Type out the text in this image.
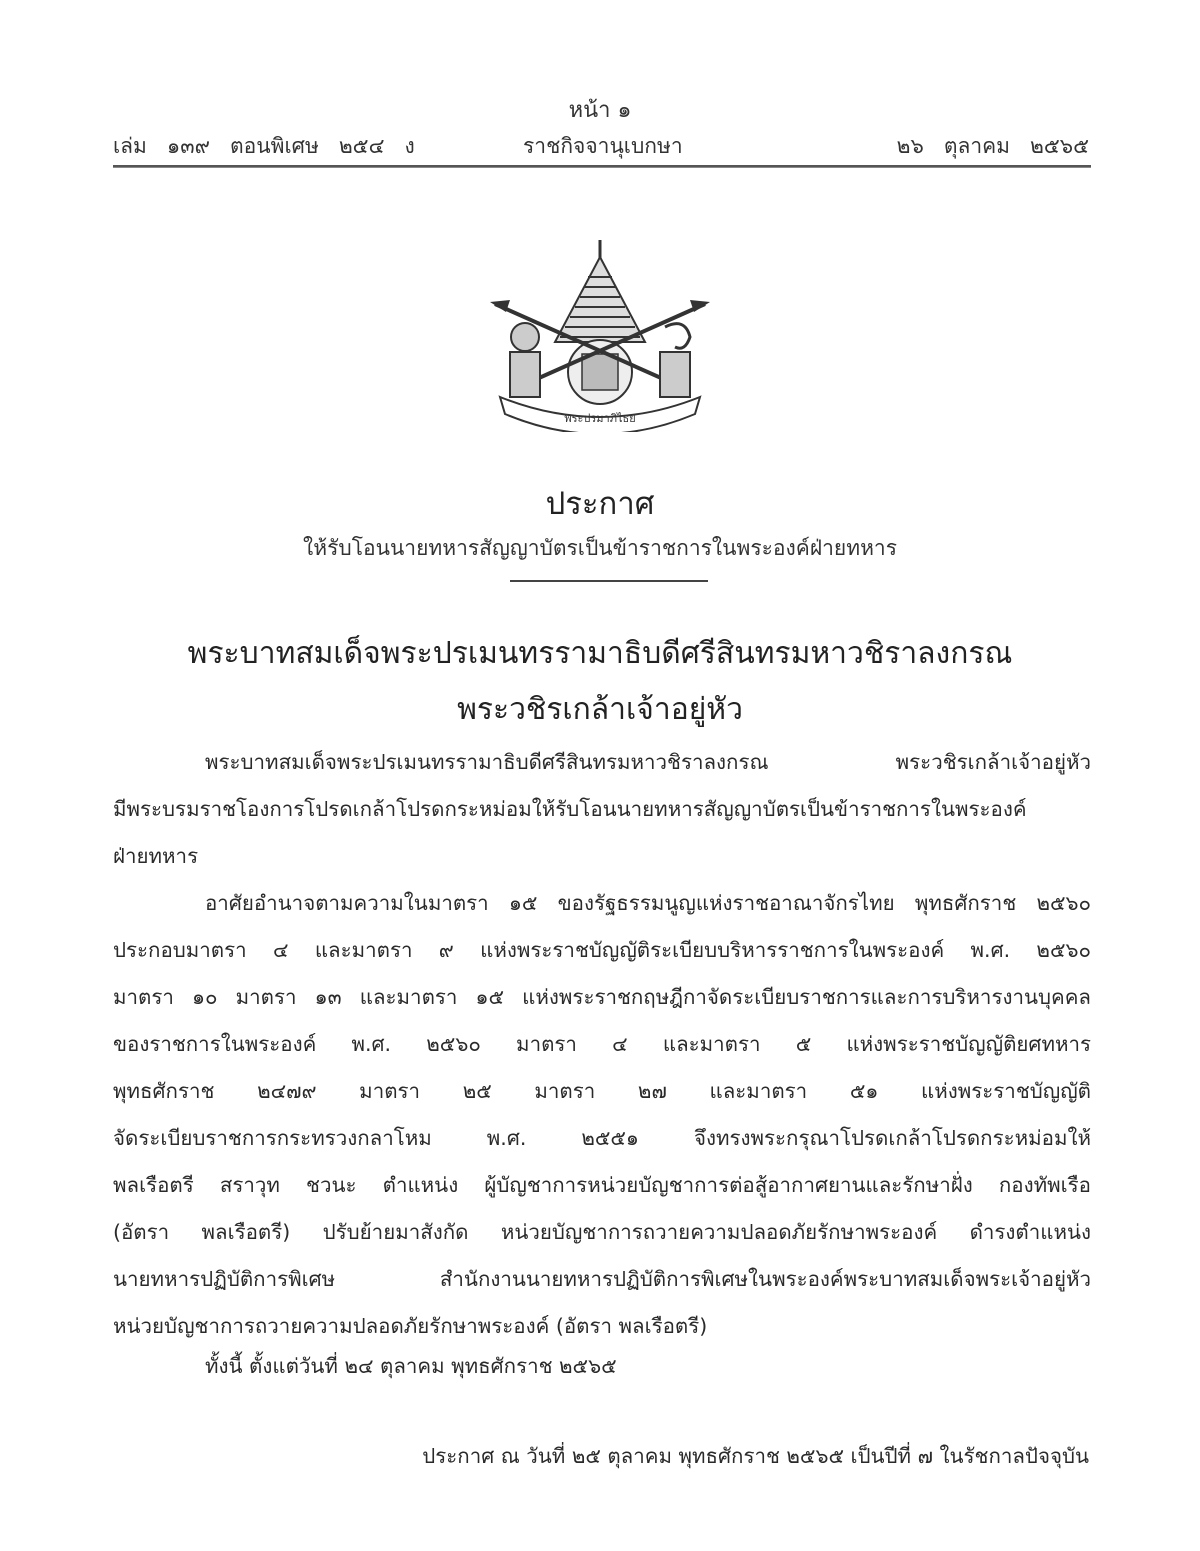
หน้า ๑
เล่ม   ๑๓๙   ตอนพิเศษ   ๒๕๔   ง	ราชกิจจานุเบกษา	๒๖   ตุลาคม   ๒๕๖๕
พระปรมาภิไธย
ประกาศ
ให้รับโอนนายทหารสัญญาบัตรเป็นข้าราชการในพระองค์ฝ่ายทหาร
พระบาทสมเด็จพระปรเมนทรรามาธิบดีศรีสินทรมหาวชิราลงกรณ
พระวชิรเกล้าเจ้าอยู่หัว
พระบาทสมเด็จพระปรเมนทรรามาธิบดีศรีสินทรมหาวชิราลงกรณ พระวชิรเกล้าเจ้าอยู่หัว
มีพระบรมราชโองการโปรดเกล้าโปรดกระหม่อมให้รับโอนนายทหารสัญญาบัตรเป็นข้าราชการในพระองค์
ฝ่ายทหาร
อาศัยอำนาจตามความในมาตรา ๑๕ ของรัฐธรรมนูญแห่งราชอาณาจักรไทย พุทธศักราช ๒๕๖๐
ประกอบมาตรา ๔ และมาตรา ๙ แห่งพระราชบัญญัติระเบียบบริหารราชการในพระองค์ พ.ศ. ๒๕๖๐
มาตรา ๑๐ มาตรา ๑๓ และมาตรา ๑๕ แห่งพระราชกฤษฎีกาจัดระเบียบราชการและการบริหารงานบุคคล
ของราชการในพระองค์ พ.ศ. ๒๕๖๐ มาตรา ๔ และมาตรา ๕ แห่งพระราชบัญญัติยศทหาร
พุทธศักราช ๒๔๗๙ มาตรา ๒๕ มาตรา ๒๗ และมาตรา ๕๑ แห่งพระราชบัญญัติ
จัดระเบียบราชการกระทรวงกลาโหม พ.ศ. ๒๕๕๑ จึงทรงพระกรุณาโปรดเกล้าโปรดกระหม่อมให้
พลเรือตรี สราวุท ชวนะ ตำแหน่ง ผู้บัญชาการหน่วยบัญชาการต่อสู้อากาศยานและรักษาฝั่ง กองทัพเรือ
(อัตรา พลเรือตรี) ปรับย้ายมาสังกัด หน่วยบัญชาการถวายความปลอดภัยรักษาพระองค์ ดำรงตำแหน่ง
นายทหารปฏิบัติการพิเศษ สำนักงานนายทหารปฏิบัติการพิเศษในพระองค์พระบาทสมเด็จพระเจ้าอยู่หัว
หน่วยบัญชาการถวายความปลอดภัยรักษาพระองค์ (อัตรา พลเรือตรี)
ทั้งนี้ ตั้งแต่วันที่ ๒๔ ตุลาคม พุทธศักราช ๒๕๖๕
ประกาศ ณ วันที่ ๒๕ ตุลาคม พุทธศักราช ๒๕๖๕ เป็นปีที่ ๗ ในรัชกาลปัจจุบัน
